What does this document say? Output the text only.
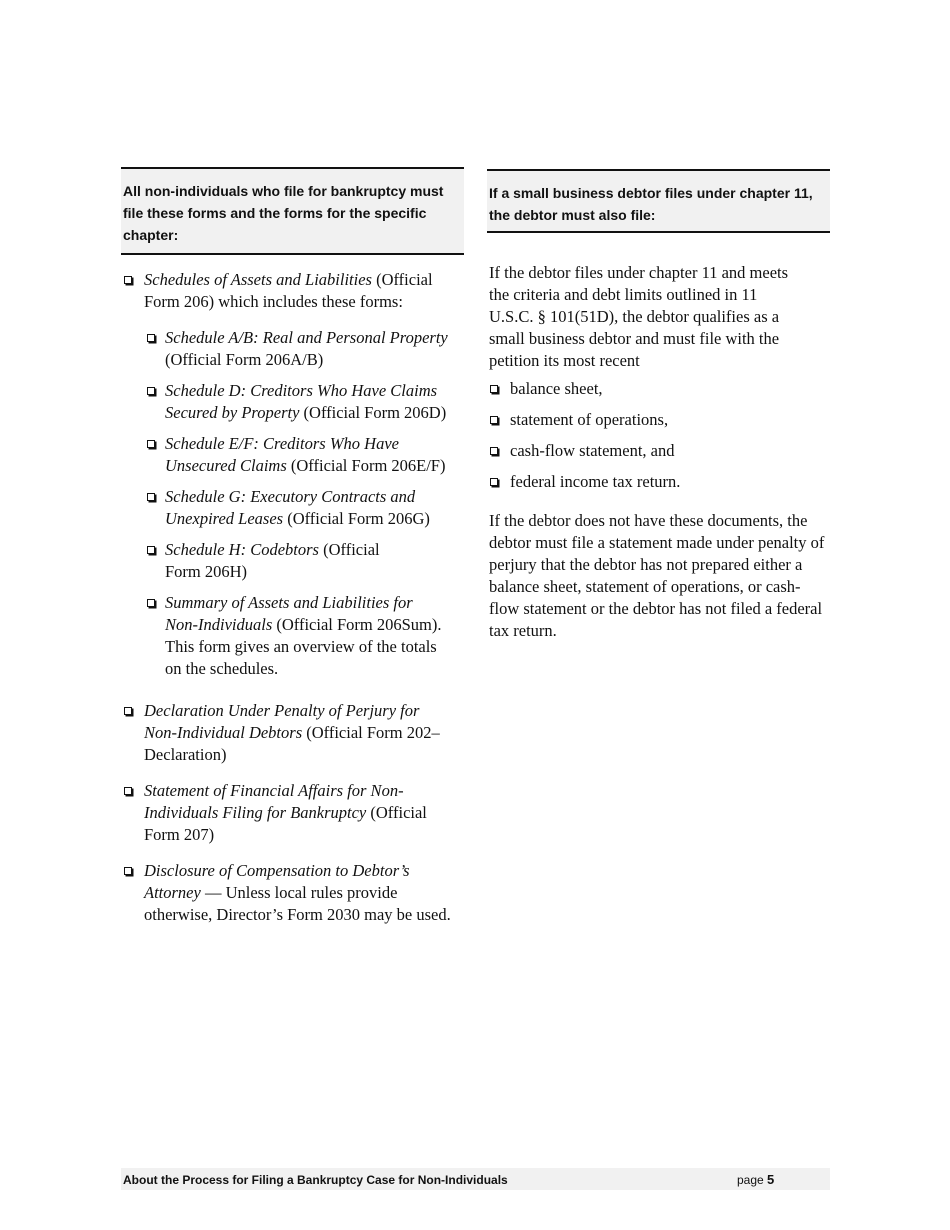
All non-individuals who file for bankruptcy must file these forms and the forms for the specific chapter:
Schedules of Assets and Liabilities (Official Form 206) which includes these forms:
Schedule A/B: Real and Personal Property (Official Form 206A/B)
Schedule D: Creditors Who Have Claims Secured by Property (Official Form 206D)
Schedule E/F: Creditors Who Have Unsecured Claims (Official Form 206E/F)
Schedule G: Executory Contracts and Unexpired Leases (Official Form 206G)
Schedule H: Codebtors (Official Form 206H)
Summary of Assets and Liabilities for Non-Individuals (Official Form 206Sum). This form gives an overview of the totals on the schedules.
Declaration Under Penalty of Perjury for Non-Individual Debtors (Official Form 202–Declaration)
Statement of Financial Affairs for Non-Individuals Filing for Bankruptcy (Official Form 207)
Disclosure of Compensation to Debtor’s Attorney — Unless local rules provide otherwise, Director’s Form 2030 may be used.
If a small business debtor files under chapter 11, the debtor must also file:

If the debtor files under chapter 11 and meets the criteria and debt limits outlined in 11 U.S.C. § 101(51D), the debtor qualifies as a small business debtor and must file with the petition its most recent

balance sheet,
statement of operations,
cash-flow statement, and
federal income tax return.

If the debtor does not have these documents, the debtor must file a statement made under penalty of perjury that the debtor has not prepared either a balance sheet, statement of operations, or cash-flow statement or the debtor has not filed a federal tax return.

About the Process for Filing a Bankruptcy Case for Non-Individuals	page 5
